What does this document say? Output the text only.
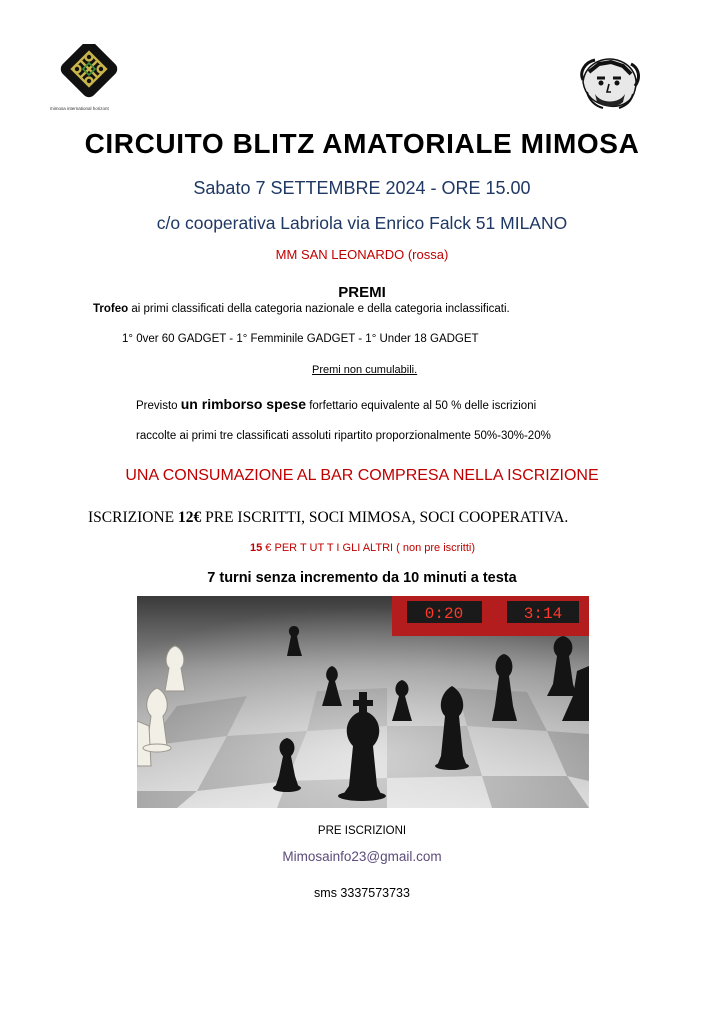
mimosa international horizont
CIRCUITO BLITZ AMATORIALE MIMOSA
Sabato 7 SETTEMBRE 2024 - ORE 15.00
c/o cooperativa Labriola via Enrico Falck 51 MILANO
MM SAN LEONARDO (rossa)
PREMI
Trofeo ai primi classificati della categoria nazionale e della categoria inclassificati.
1° 0ver 60 GADGET - 1° Femminile GADGET - 1° Under 18 GADGET
Premi non cumulabili.
Previsto un rimborso spese forfettario equivalente al 50 % delle iscrizioni
raccolte ai primi tre classificati assoluti ripartito proporzionalmente 50%-30%-20%
UNA CONSUMAZIONE AL BAR COMPRESA NELLA ISCRIZIONE
ISCRIZIONE 12€ PRE ISCRITTI, SOCI MIMOSA, SOCI COOPERATIVA.
15 € PER T UT T I GLI ALTRI ( non pre iscritti)
7 turni senza incremento da 10 minuti a testa
0:20	3:14
PRE ISCRIZIONI
Mimosainfo23@gmail.com
sms 3337573733
